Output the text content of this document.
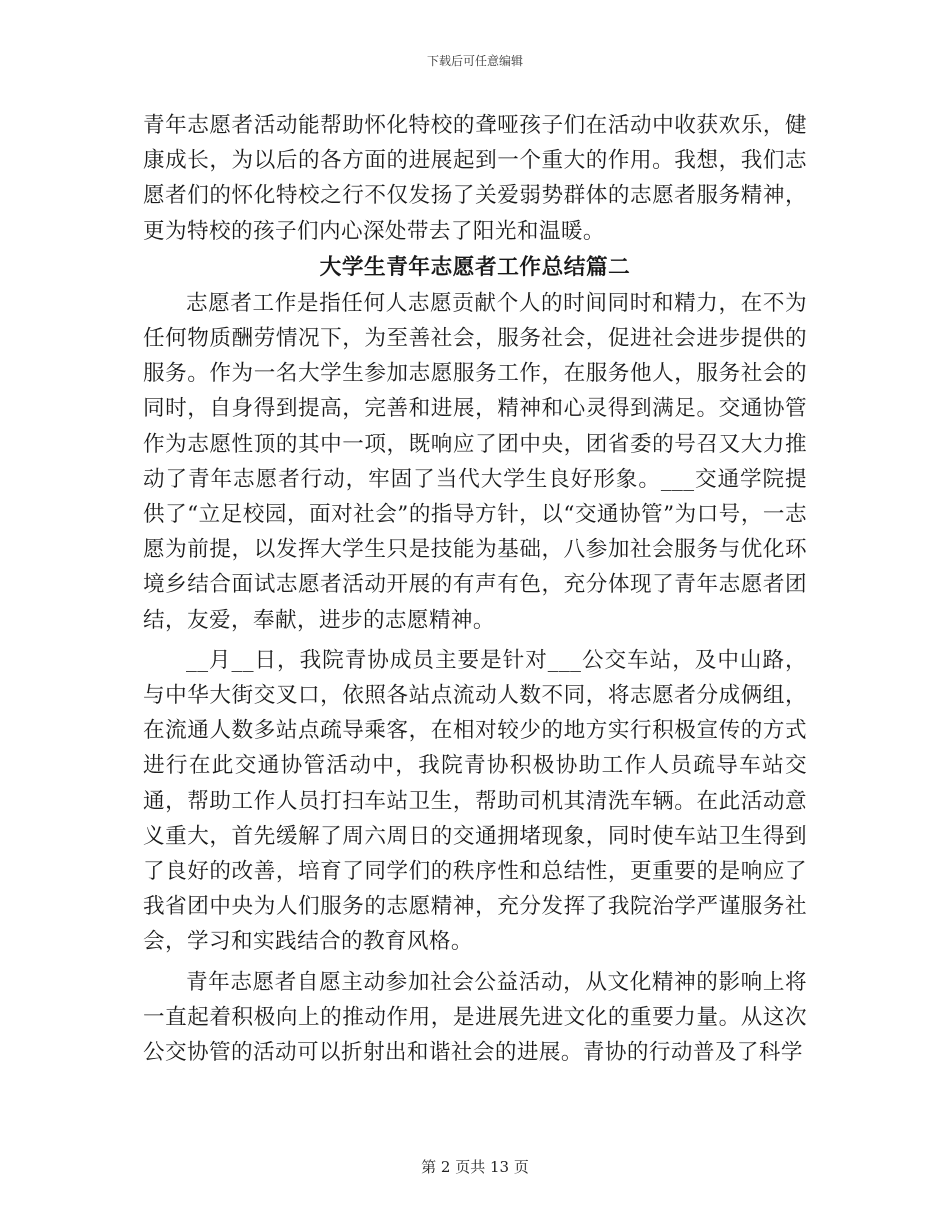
下载后可任意编辑

青年志愿者活动能帮助怀化特校的聋哑孩子们在活动中收获欢乐，健康成长，为以后的各方面的进展起到一个重大的作用。我想，我们志愿者们的怀化特校之行不仅发扬了关爱弱势群体的志愿者服务精神，更为特校的孩子们内心深处带去了阳光和温暖。

大学生青年志愿者工作总结篇二

志愿者工作是指任何人志愿贡献个人的时间同时和精力，在不为任何物质酬劳情况下，为至善社会，服务社会，促进社会进步提供的服务。作为一名大学生参加志愿服务工作，在服务他人，服务社会的同时，自身得到提高，完善和进展，精神和心灵得到满足。交通协管作为志愿性顶的其中一项，既响应了团中央，团省委的号召又大力推动了青年志愿者行动，牢固了当代大学生良好形象。___交通学院提供了“立足校园，面对社会”的指导方针，以“交通协管”为口号，一志愿为前提，以发挥大学生只是技能为基础，八参加社会服务与优化环境乡结合面试志愿者活动开展的有声有色，充分体现了青年志愿者团结，友爱，奉献，进步的志愿精神。

__月__日，我院青协成员主要是针对___公交车站，及中山路，与中华大街交叉口，依照各站点流动人数不同，将志愿者分成俩组，在流通人数多站点疏导乘客，在相对较少的地方实行积极宣传的方式进行在此交通协管活动中，我院青协积极协助工作人员疏导车站交通，帮助工作人员打扫车站卫生，帮助司机其清洗车辆。在此活动意义重大，首先缓解了周六周日的交通拥堵现象，同时使车站卫生得到了良好的改善，培育了同学们的秩序性和总结性，更重要的是响应了我省团中央为人们服务的志愿精神，充分发挥了我院治学严谨服务社会，学习和实践结合的教育风格。

青年志愿者自愿主动参加社会公益活动，从文化精神的影响上将一直起着积极向上的推动作用，是进展先进文化的重要力量。从这次公交协管的活动可以折射出和谐社会的进展。青协的行动普及了科学

第 2 页共 13 页
